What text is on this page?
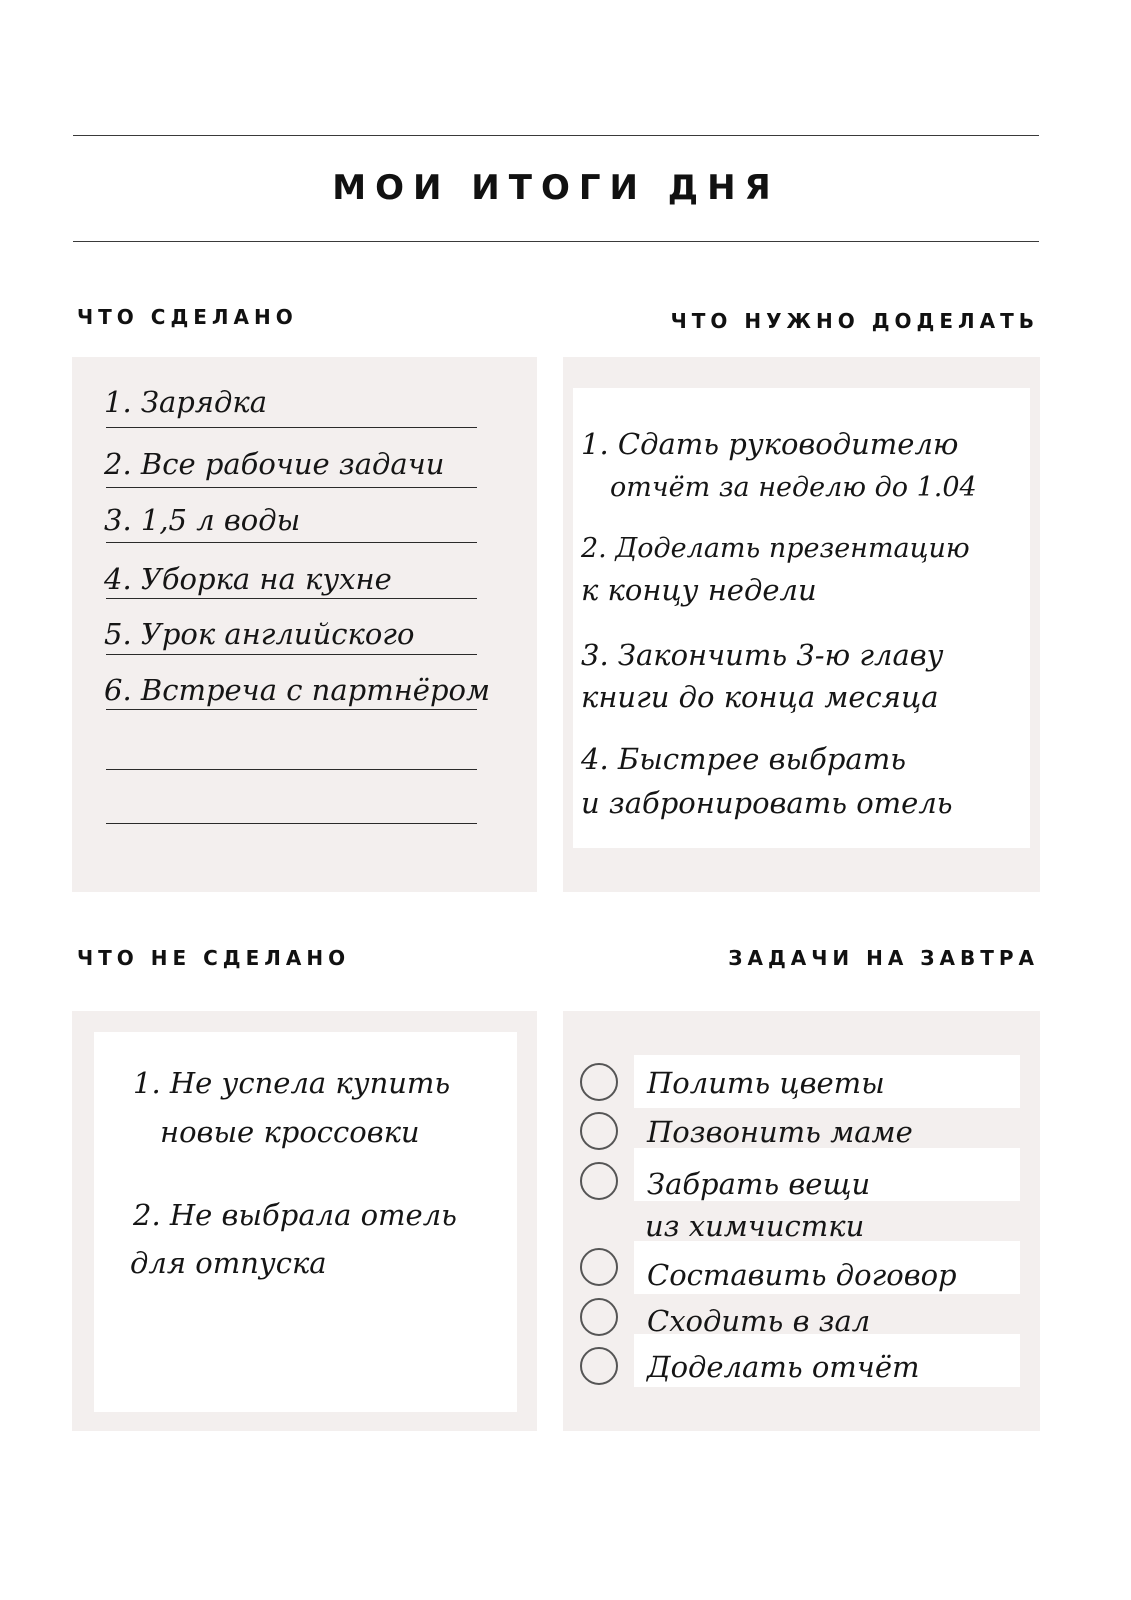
МОИ ИТОГИ ДНЯ
ЧТО СДЕЛАНО	ЧТО НУЖНО ДОДЕЛАТЬ
ЧТО НЕ СДЕЛАНО	ЗАДАЧИ НА ЗАВТРА
1. Зарядка
2. Все рабочие задачи
3. 1,5 л воды
4. Уборка на кухне
5. Урок английского
6. Встреча с партнёром
1. Сдать руководителю
отчёт за неделю до 1.04
2. Доделать презентацию
к концу недели
3. Закончить 3-ю главу
книги до конца месяца
4. Быстрее выбрать
и забронировать отель
1. Не успела купить
новые кроссовки
2. Не выбрала отель
для отпуска
Полить цветы
Позвонить маме
Забрать вещи
из химчистки
Составить договор
Сходить в зал
Доделать отчёт
